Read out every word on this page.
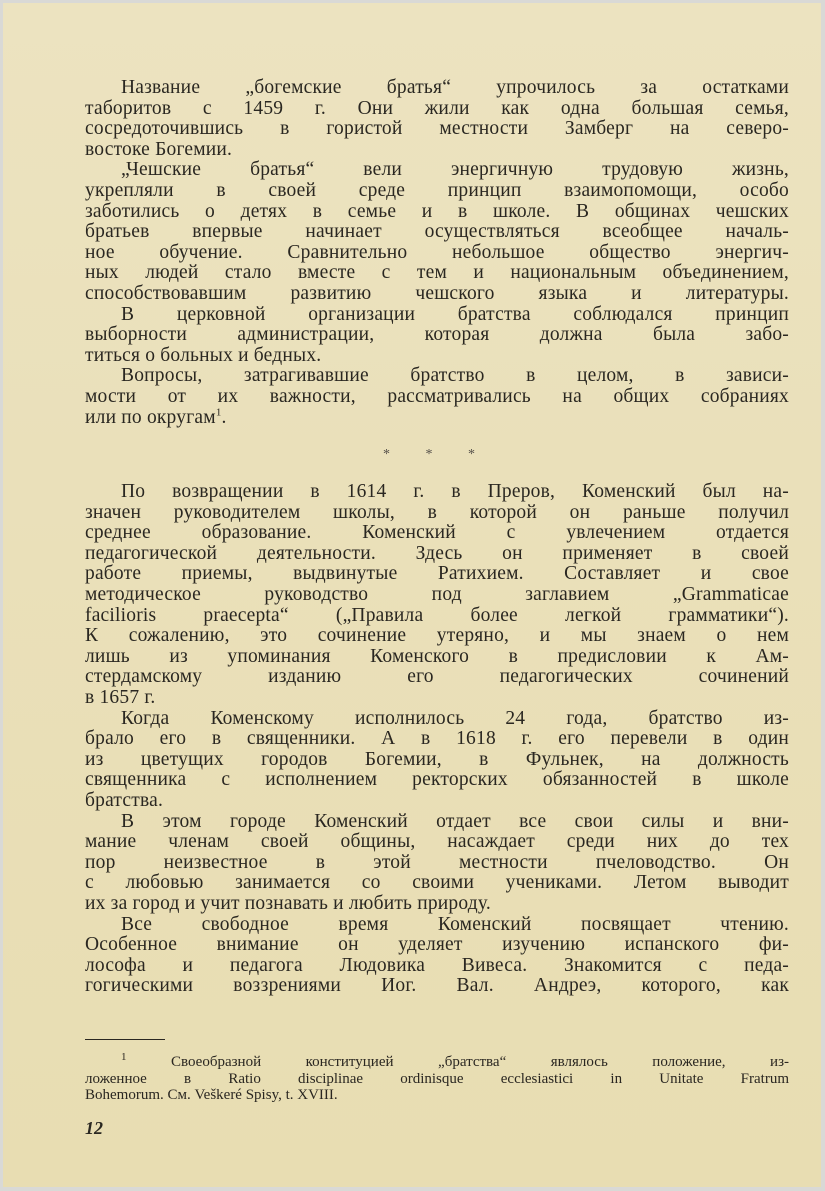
Название „богемские братья“ упрочилось за остатками
таборитов с 1459 г. Они жили как одна большая семья,
сосредоточившись в гористой местности Замберг на северо-
востоке Богемии.
„Чешские братья“ вели энергичную трудовую жизнь,
укрепляли в своей среде принцип взаимопомощи, особо
заботились о детях в семье и в школе. В общинах чешских
братьев впервые начинает осуществляться всеобщее началь-
ное обучение. Сравнительно небольшое общество энергич-
ных людей стало вместе с тем и национальным объединением,
способствовавшим развитию чешского языка и литературы.
В церковной организации братства соблюдался принцип
выборности администрации, которая должна была забо-
титься о больных и бедных.
Вопросы, затрагивавшие братство в целом, в зависи-
мости от их важности, рассматривались на общих собраниях
или по округам$^1$.
* * *
По возвращении в 1614 г. в Преров, Коменский был на-
значен руководителем школы, в которой он раньше получил
среднее образование. Коменский с увлечением отдается
педагогической деятельности. Здесь он применяет в своей
работе приемы, выдвинутые Ратихием. Составляет и свое
методическое руководство под заглавием „Grammaticae
facilioris praecepta“ („Правила более легкой грамматики“).
К сожалению, это сочинение утеряно, и мы знаем о нем
лишь из упоминания Коменского в предисловии к Ам-
стердамскому изданию его педагогических сочинений
в 1657 г.
Когда Коменскому исполнилось 24 года, братство из-
брало его в священники. А в 1618 г. его перевели в один
из цветущих городов Богемии, в Фульнек, на должность
священника с исполнением ректорских обязанностей в школе
братства.
В этом городе Коменский отдает все свои силы и вни-
мание членам своей общины, насаждает среди них до тех
пор неизвестное в этой местности пчеловодство. Он
с любовью занимается со своими учениками. Летом выводит
их за город и учит познавать и любить природу.
Все свободное время Коменский посвящает чтению.
Особенное внимание он уделяет изучению испанского фи-
лософа и педагога Людовика Вивеса. Знакомится с педа-
гогическими воззрениями Иог. Вал. Андреэ, которого, как
$^1$	Своеобразной конституцией „братства“ являлось положение, из-
ложенное в Ratio disciplinae ordinisque ecclesiastici in Unitate Fratrum
Bohemorum. См. Veškeré Spisy, t. XVIII.
12
